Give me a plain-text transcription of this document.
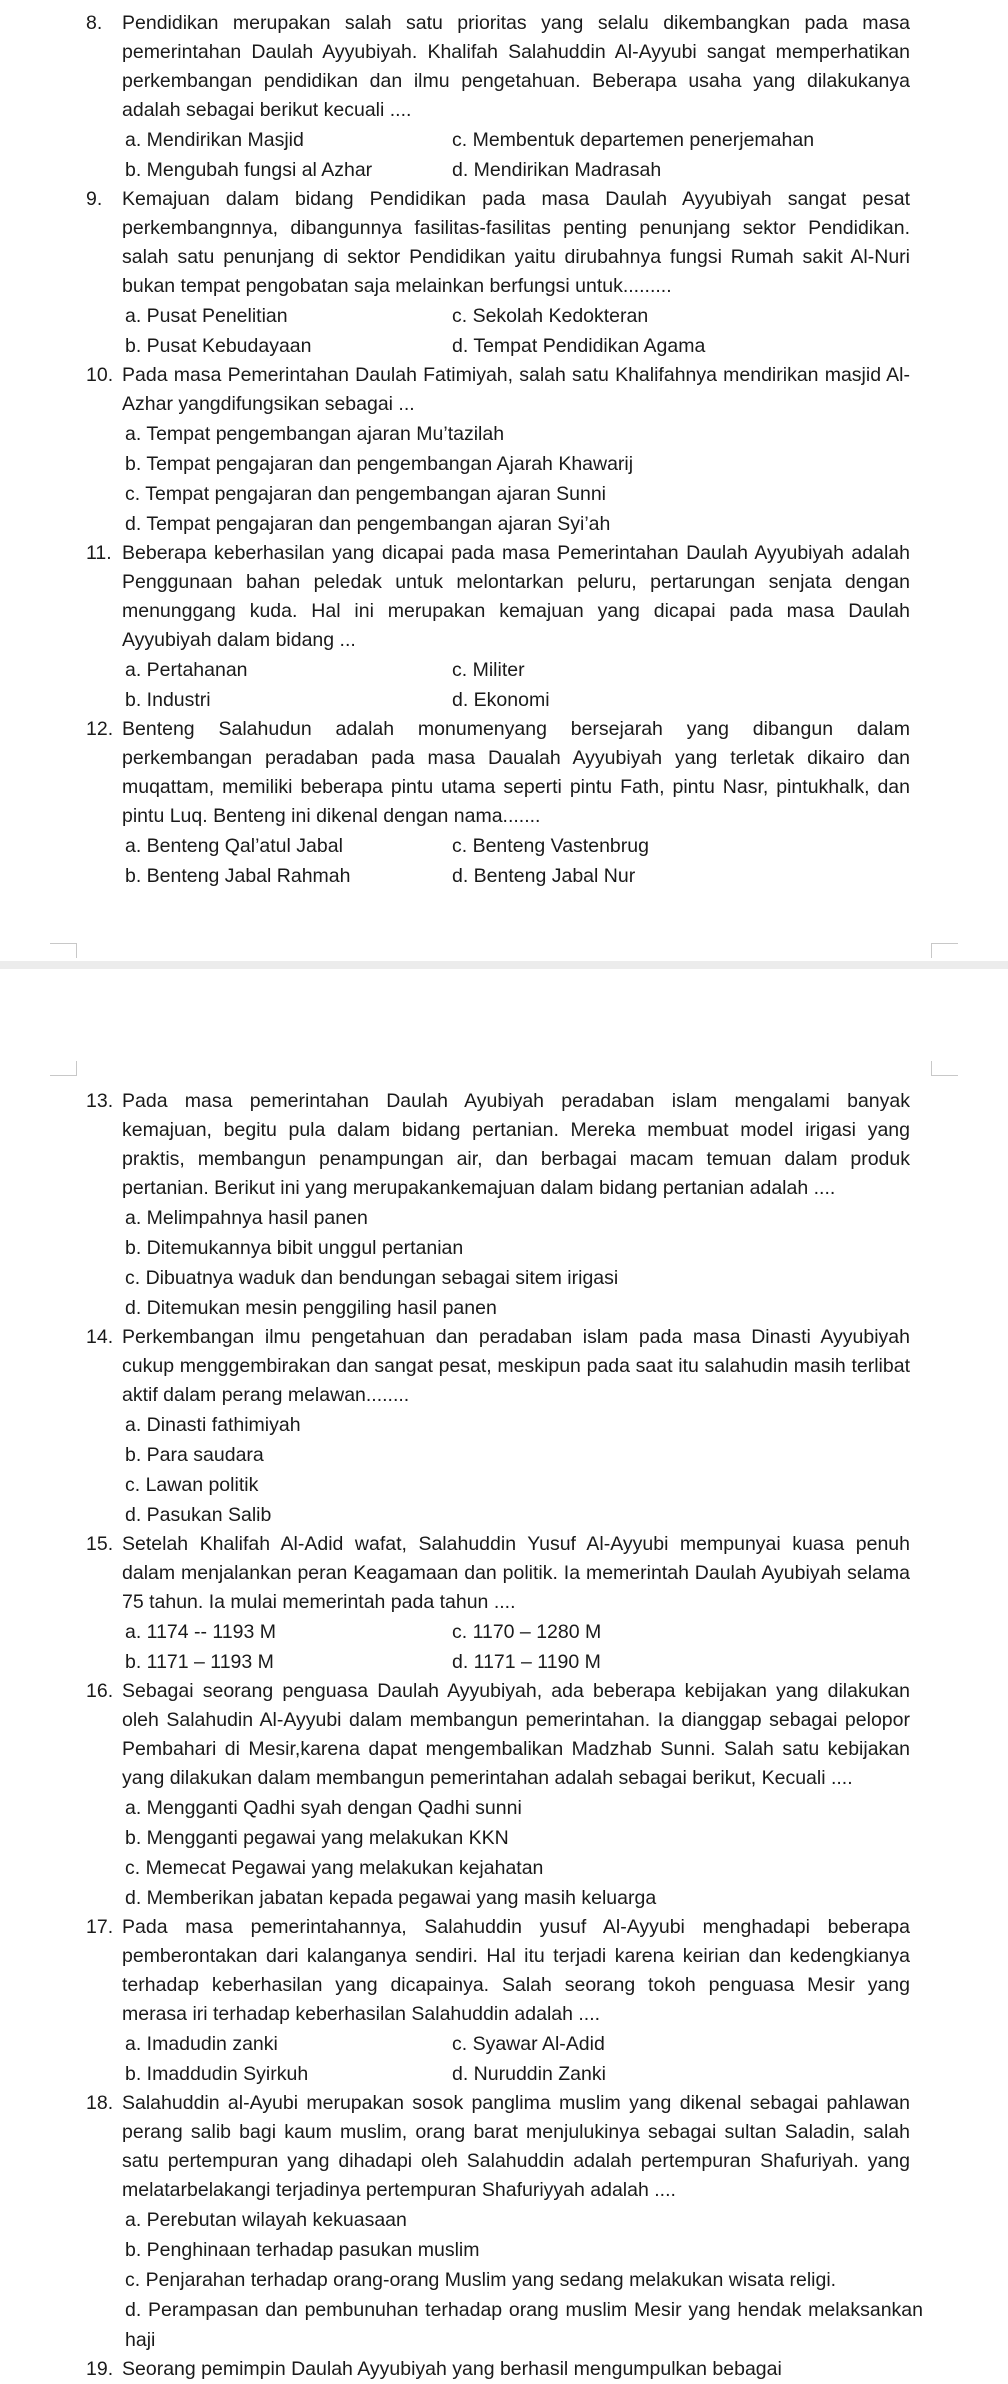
8. Pendidikan merupakan salah satu prioritas yang selalu dikembangkan pada masa pemerintahan Daulah Ayyubiyah. Khalifah Salahuddin Al-Ayyubi sangat memperhatikan perkembangan pendidikan dan ilmu pengetahuan. Beberapa usaha yang dilakukanya adalah sebagai berikut kecuali ....
a. Mendirikan Masjid	c. Membentuk departemen penerjemahan
b. Mengubah fungsi al Azhar	d. Mendirikan Madrasah
9. Kemajuan dalam bidang Pendidikan pada masa Daulah Ayyubiyah sangat pesat perkembangnnya, dibangunnya fasilitas-fasilitas penting penunjang sektor Pendidikan. salah satu penunjang di sektor Pendidikan yaitu dirubahnya fungsi Rumah sakit Al-Nuri bukan tempat pengobatan saja melainkan berfungsi untuk.........
a. Pusat Penelitian	c. Sekolah Kedokteran
b. Pusat Kebudayaan	d. Tempat Pendidikan Agama
10. Pada masa Pemerintahan Daulah Fatimiyah, salah satu Khalifahnya mendirikan masjid Al-Azhar yangdifungsikan sebagai ...
a. Tempat pengembangan ajaran Mu’tazilah
b. Tempat pengajaran dan pengembangan Ajarah Khawarij
c. Tempat pengajaran dan pengembangan ajaran Sunni
d. Tempat pengajaran dan pengembangan ajaran Syi’ah
11. Beberapa keberhasilan yang dicapai pada masa Pemerintahan Daulah Ayyubiyah adalah Penggunaan bahan peledak untuk melontarkan peluru, pertarungan senjata dengan menunggang kuda. Hal ini merupakan kemajuan yang dicapai pada masa Daulah Ayyubiyah dalam bidang ...
a. Pertahanan	c. Militer
b. Industri	d. Ekonomi
12. Benteng Salahudun adalah monumenyang bersejarah yang dibangun dalam perkembangan peradaban pada masa Daualah Ayyubiyah yang terletak dikairo dan muqattam, memiliki beberapa pintu utama seperti pintu Fath, pintu Nasr, pintukhalk, dan pintu Luq. Benteng ini dikenal dengan nama.......
a. Benteng Qal’atul Jabal	c. Benteng Vastenbrug
b. Benteng Jabal Rahmah	d. Benteng Jabal Nur
13. Pada masa pemerintahan Daulah Ayubiyah peradaban islam mengalami banyak kemajuan, begitu pula dalam bidang pertanian. Mereka membuat model irigasi yang praktis, membangun penampungan air, dan berbagai macam temuan dalam produk pertanian. Berikut ini yang merupakankemajuan dalam bidang pertanian adalah ....
a. Melimpahnya hasil panen
b. Ditemukannya bibit unggul pertanian
c. Dibuatnya waduk dan bendungan sebagai sitem irigasi
d. Ditemukan mesin penggiling hasil panen
14. Perkembangan ilmu pengetahuan dan peradaban islam pada masa Dinasti Ayyubiyah cukup menggembirakan dan sangat pesat, meskipun pada saat itu salahudin masih terlibat aktif dalam perang melawan........
a. Dinasti fathimiyah
b. Para saudara
c. Lawan politik
d. Pasukan Salib
15. Setelah Khalifah Al-Adid wafat, Salahuddin Yusuf Al-Ayyubi mempunyai kuasa penuh dalam menjalankan peran Keagamaan dan politik. Ia memerintah Daulah Ayubiyah selama 75 tahun. Ia mulai memerintah pada tahun ....
a. 1174 -- 1193 M	c. 1170 – 1280 M
b. 1171 – 1193 M	d. 1171 – 1190 M
16. Sebagai seorang penguasa Daulah Ayyubiyah, ada beberapa kebijakan yang dilakukan oleh Salahudin Al-Ayyubi dalam membangun pemerintahan. Ia dianggap sebagai pelopor Pembahari di Mesir,karena dapat mengembalikan Madzhab Sunni. Salah satu kebijakan yang dilakukan dalam membangun pemerintahan adalah sebagai berikut, Kecuali ....
a. Mengganti Qadhi syah dengan Qadhi sunni
b. Mengganti pegawai yang melakukan KKN
c. Memecat Pegawai yang melakukan kejahatan
d. Memberikan jabatan kepada pegawai yang masih keluarga
17. Pada masa pemerintahannya, Salahuddin yusuf Al-Ayyubi menghadapi beberapa pemberontakan dari kalanganya sendiri. Hal itu terjadi karena keirian dan kedengkianya terhadap keberhasilan yang dicapainya. Salah seorang tokoh penguasa Mesir yang merasa iri terhadap keberhasilan Salahuddin adalah ....
a. Imadudin zanki	c. Syawar Al-Adid
b. Imaddudin Syirkuh	d. Nuruddin Zanki
18. Salahuddin al-Ayubi merupakan sosok panglima muslim yang dikenal sebagai pahlawan perang salib bagi kaum muslim, orang barat menjulukinya sebagai sultan Saladin, salah satu pertempuran yang dihadapi oleh Salahuddin adalah pertempuran Shafuriyah. yang melatarbelakangi terjadinya pertempuran Shafuriyyah adalah ....
a. Perebutan wilayah kekuasaan
b. Penghinaan terhadap pasukan muslim
c. Penjarahan terhadap orang-orang Muslim yang sedang melakukan wisata religi.
d. Perampasan dan pembunuhan terhadap orang muslim Mesir yang hendak melaksankan haji
19. Seorang pemimpin Daulah Ayyubiyah yang berhasil mengumpulkan bebagai
